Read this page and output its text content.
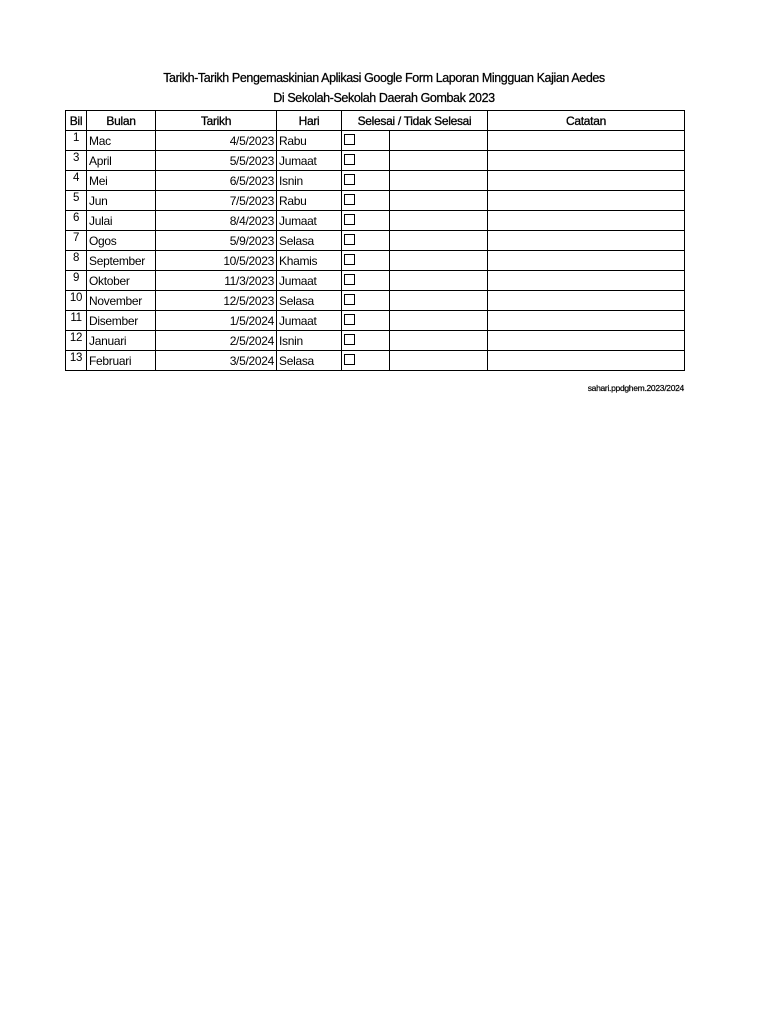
Tarikh-Tarikh Pengemaskinian Aplikasi Google Form Laporan Mingguan Kajian Aedes
Di Sekolah-Sekolah Daerah Gombak 2023
Bil	Bulan	Tarikh	Hari	Selesai / Tidak Selesai		Catatan
1	Mac	4/5/2023	Rabu			
3	April	5/5/2023	Jumaat			
4	Mei	6/5/2023	Isnin			
5	Jun	7/5/2023	Rabu			
6	Julai	8/4/2023	Jumaat			
7	Ogos	5/9/2023	Selasa			
8	September	10/5/2023	Khamis			
9	Oktober	11/3/2023	Jumaat			
10	November	12/5/2023	Selasa			
11	Disember	1/5/2024	Jumaat			
12	Januari	2/5/2024	Isnin			
13	Februari	3/5/2024	Selasa			
sahari.ppdghem.2023/2024
